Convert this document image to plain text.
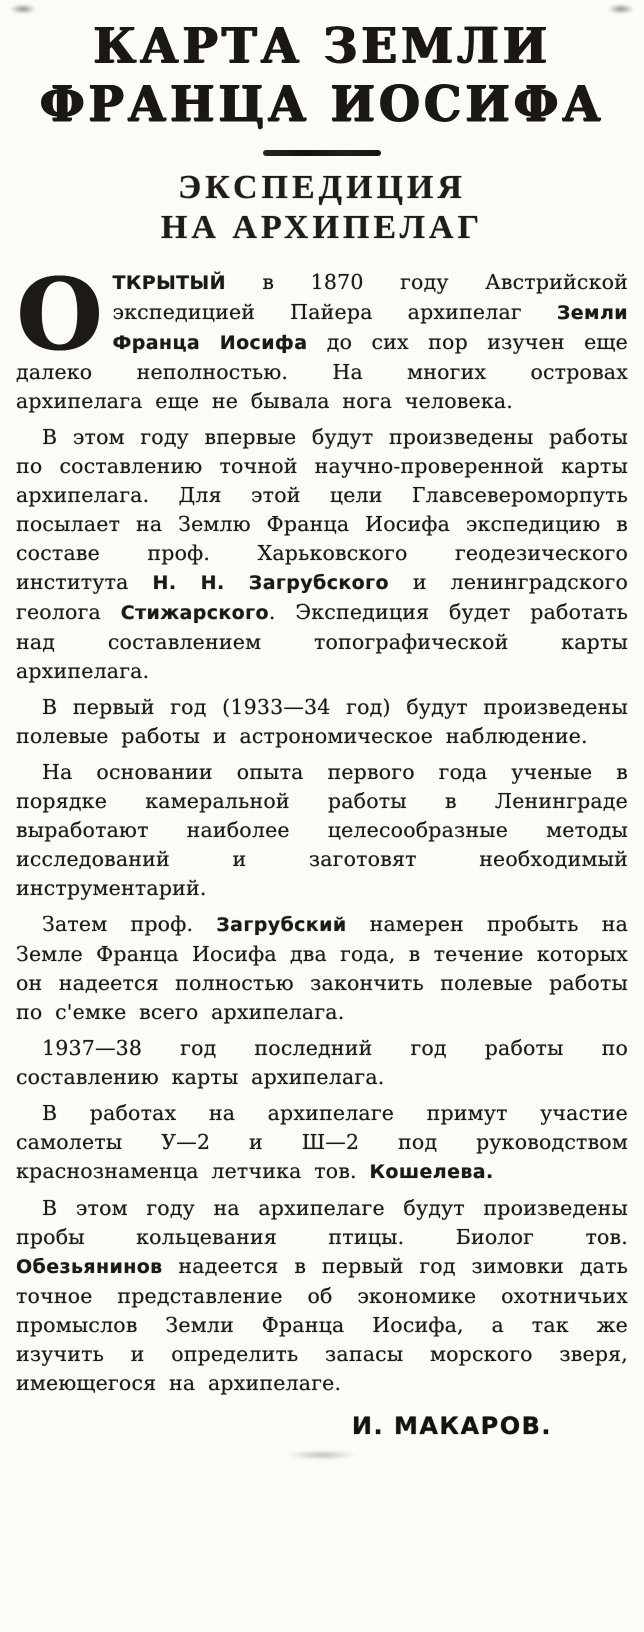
КАРТА ЗЕМЛИ
ФРАНЦА ИОСИФА
ЭКСПЕДИЦИЯ
НА АРХИПЕЛАГ

ОТКРЫТЫЙ в 1870 году Австрийской экспедицией Пайера архипелаг Земли Франца Иосифа до сих пор изучен еще далеко неполностью. На многих островах архипелага еще не бывала нога человека.

В этом году впервые будут произведены работы по составлению точной научно-проверенной карты архипелага. Для этой цели Главсевероморпуть посылает на Землю Франца Иосифа экспедицию в составе проф. Харьковского геодезического института Н. Н. Загрубского и ленинградского геолога Стижарского. Экспедиция будет работать над составлением топографической карты архипелага.

В первый год (1933—34 год) будут произведены полевые работы и астрономическое наблюдение.

На основании опыта первого года ученые в порядке камеральной работы в Ленинграде выработают наиболее целесообразные методы исследований и заготовят необходимый инструментарий.

Затем проф. Загрубский намерен пробыть на Земле Франца Иосифа два года, в течение которых он надеется полностью закончить полевые работы по с'емке всего архипелага.

1937—38 год последний год работы по составлению карты архипелага.

В работах на архипелаге примут участие самолеты У—2 и Ш—2 под руководством краснознаменца летчика тов. Кошелева.

В этом году на архипелаге будут произведены пробы кольцевания птицы. Биолог тов. Обезьянинов надеется в первый год зимовки дать точное представление об экономике охотничьих промыслов Земли Франца Иосифа, а так же изучить и определить запасы морского зверя, имеющегося на архипелаге.

И. МАКАРОВ.
